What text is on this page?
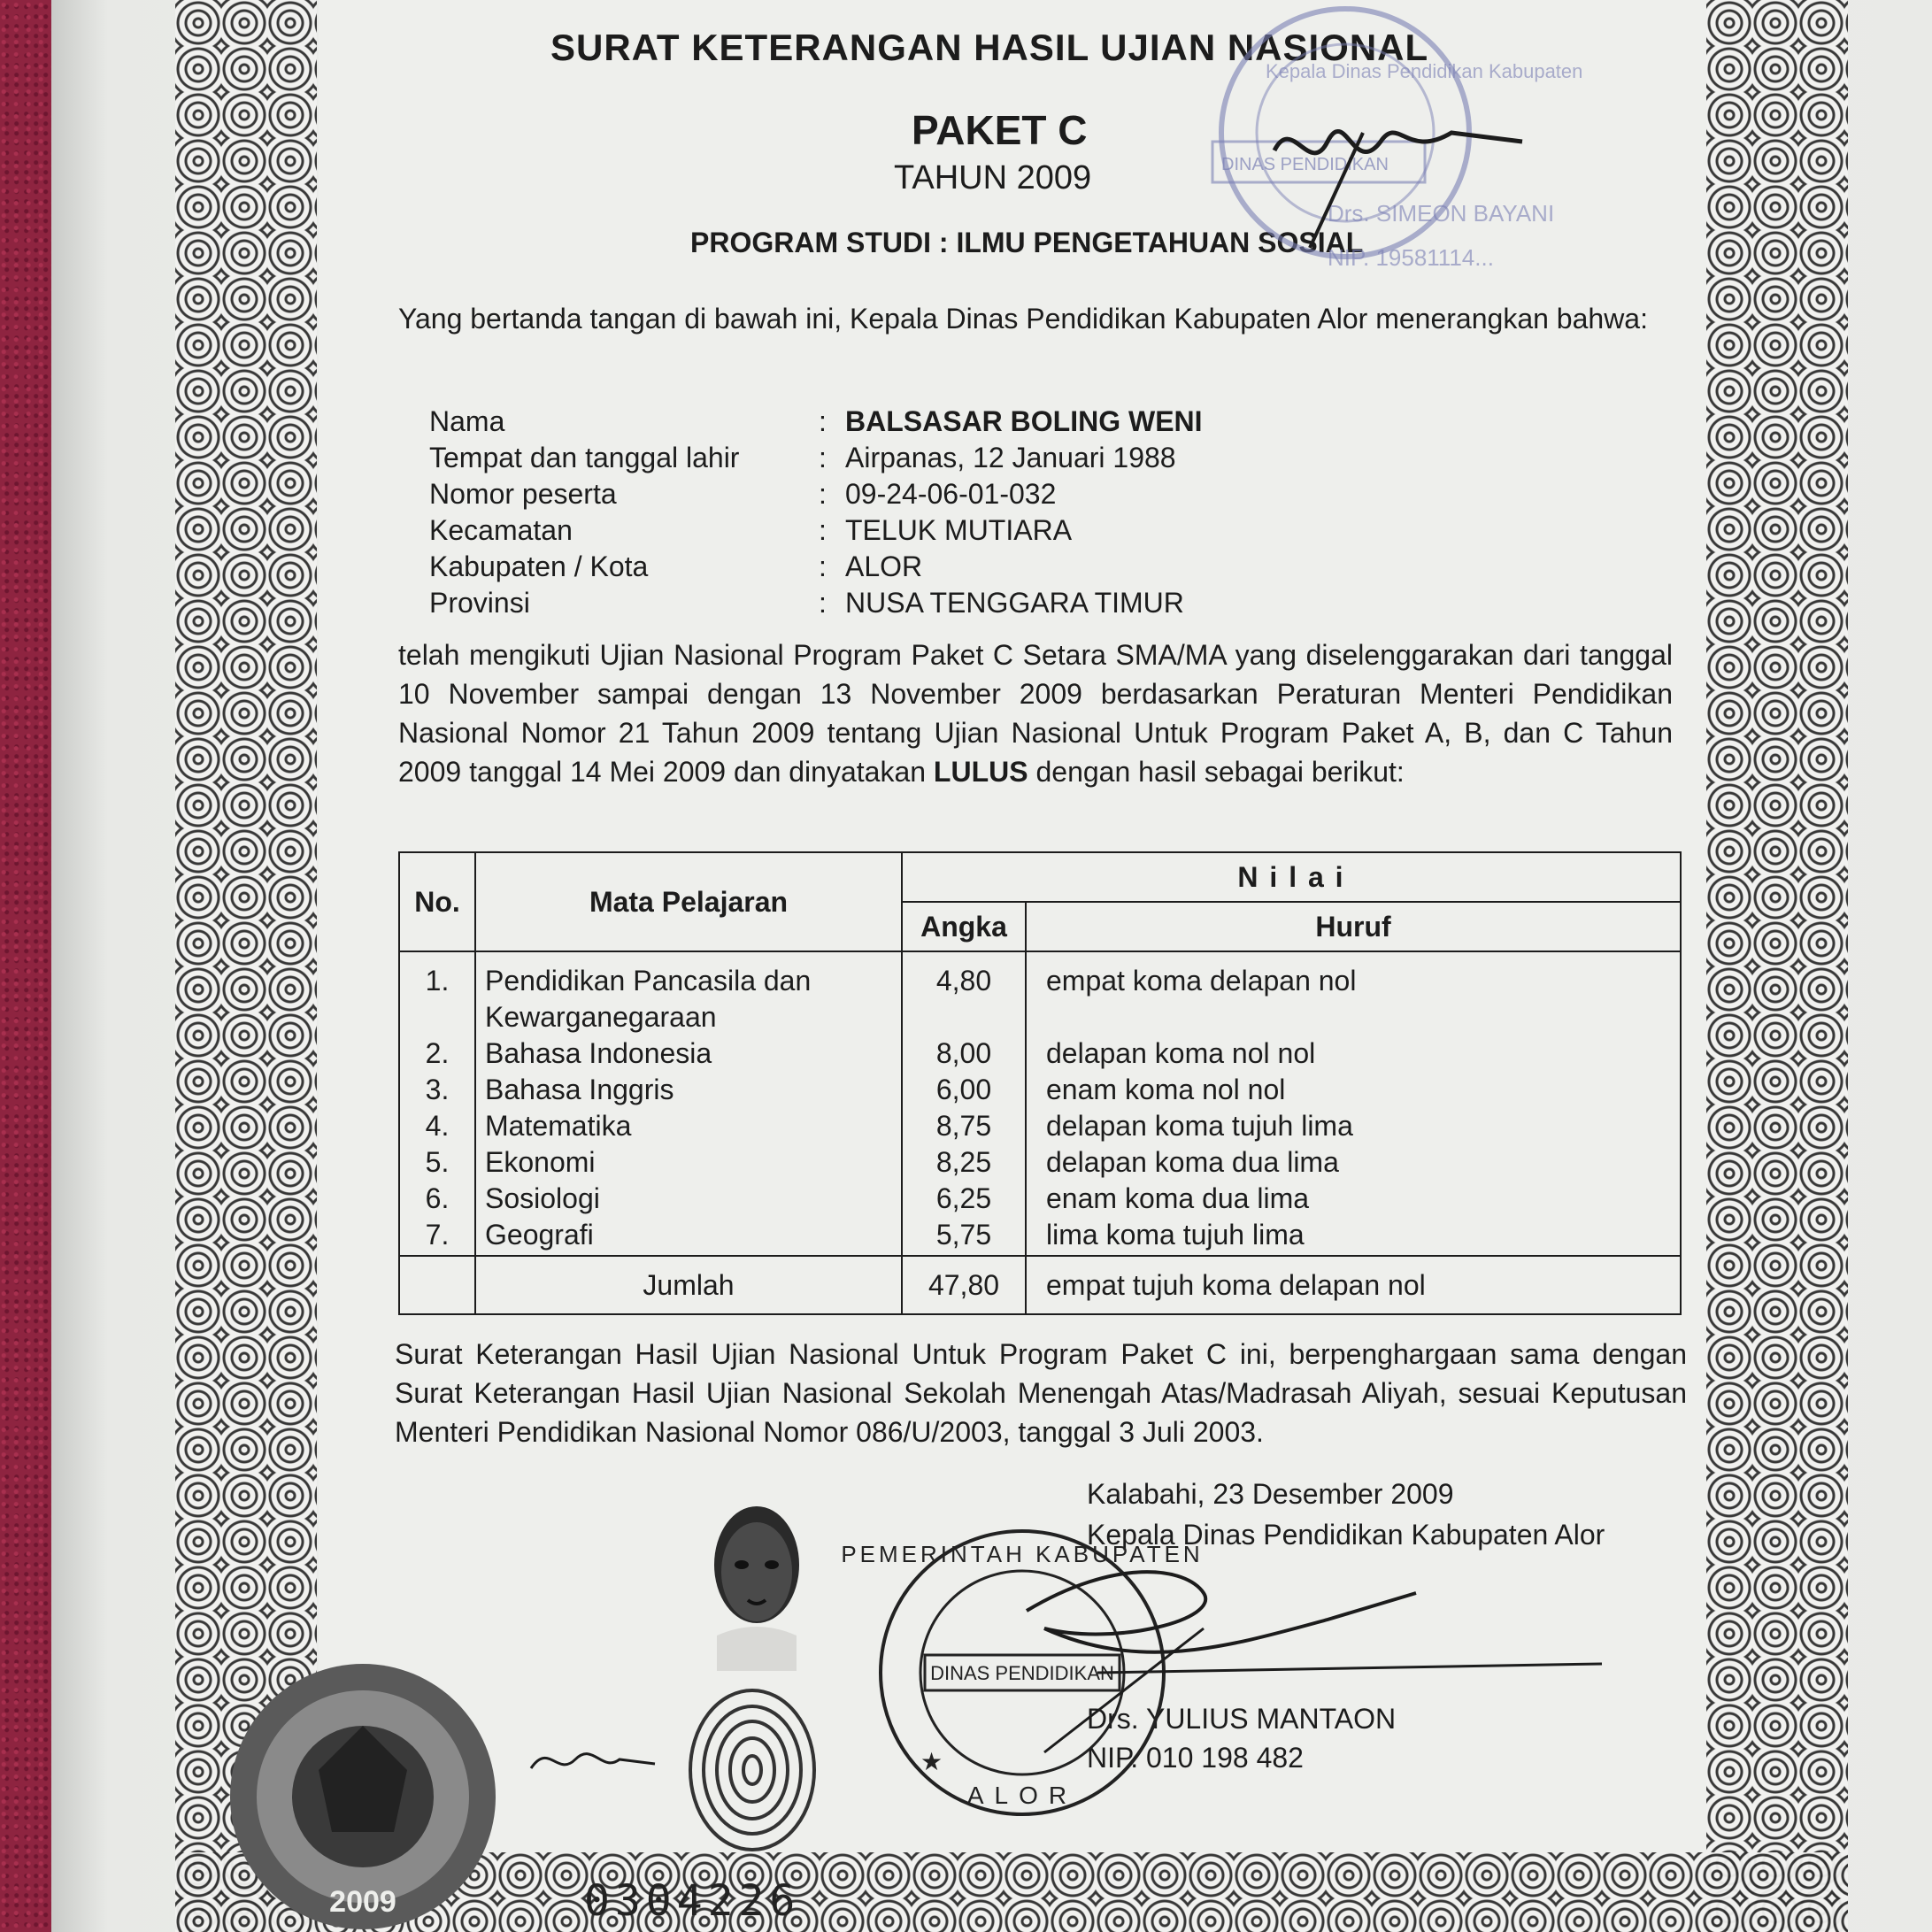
SURAT KETERANGAN HASIL UJIAN NASIONAL
PAKET C
TAHUN 2009
PROGRAM STUDI : ILMU PENGETAHUAN SOSIAL
Yang bertanda tangan di bawah ini, Kepala Dinas Pendidikan Kabupaten Alor menerangkan bahwa:
Nama	: BALSASAR BOLING WENI
Tempat dan tanggal lahir	: Airpanas, 12 Januari 1988
Nomor peserta	: 09-24-06-01-032
Kecamatan	: TELUK MUTIARA
Kabupaten / Kota	: ALOR
Provinsi	: NUSA TENGGARA TIMUR
telah mengikuti Ujian Nasional Program Paket C Setara SMA/MA yang diselenggarakan dari tanggal 10 November sampai dengan 13 November 2009 berdasarkan Peraturan Menteri Pendidikan Nasional Nomor 21 Tahun 2009 tentang Ujian Nasional Untuk Program Paket A, B, dan C Tahun 2009 tanggal 14 Mei 2009 dan dinyatakan LULUS dengan hasil sebagai berikut:
No.	Mata Pelajaran	N i l a i	
		Angka	Huruf

1.	Pendidikan Pancasila dan	4,80	empat koma delapan nol
	Kewarganegaraan		
2.	Bahasa Indonesia	8,00	delapan koma nol nol
3.	Bahasa Inggris	6,00	enam koma nol nol
4.	Matematika	8,75	delapan koma tujuh lima
5.	Ekonomi	8,25	delapan koma dua lima
6.	Sosiologi	6,25	enam koma dua lima
7.	Geografi	5,75	lima koma tujuh lima
	Jumlah	47,80	empat tujuh koma delapan nol
Surat Keterangan Hasil Ujian Nasional Untuk Program Paket C ini, berpenghargaan sama dengan Surat Keterangan Hasil Ujian Nasional Sekolah Menengah Atas/Madrasah Aliyah, sesuai Keputusan Menteri Pendidikan Nasional Nomor 086/U/2003, tanggal 3 Juli 2003.
Kalabahi, 23 Desember 2009
Kepala Dinas Pendidikan Kabupaten Alor
Drs. YULIUS MANTAON
NIP. 010 198 482
DINAS PENDIDIKAN
Kepala Dinas Pendidikan Kabupaten
Drs. SIMEON BAYANI
NIP. 19581114...
DINAS PENDIDIKAN
PEMERINTAH KABUPATEN
ALOR
★
2009	0304226
